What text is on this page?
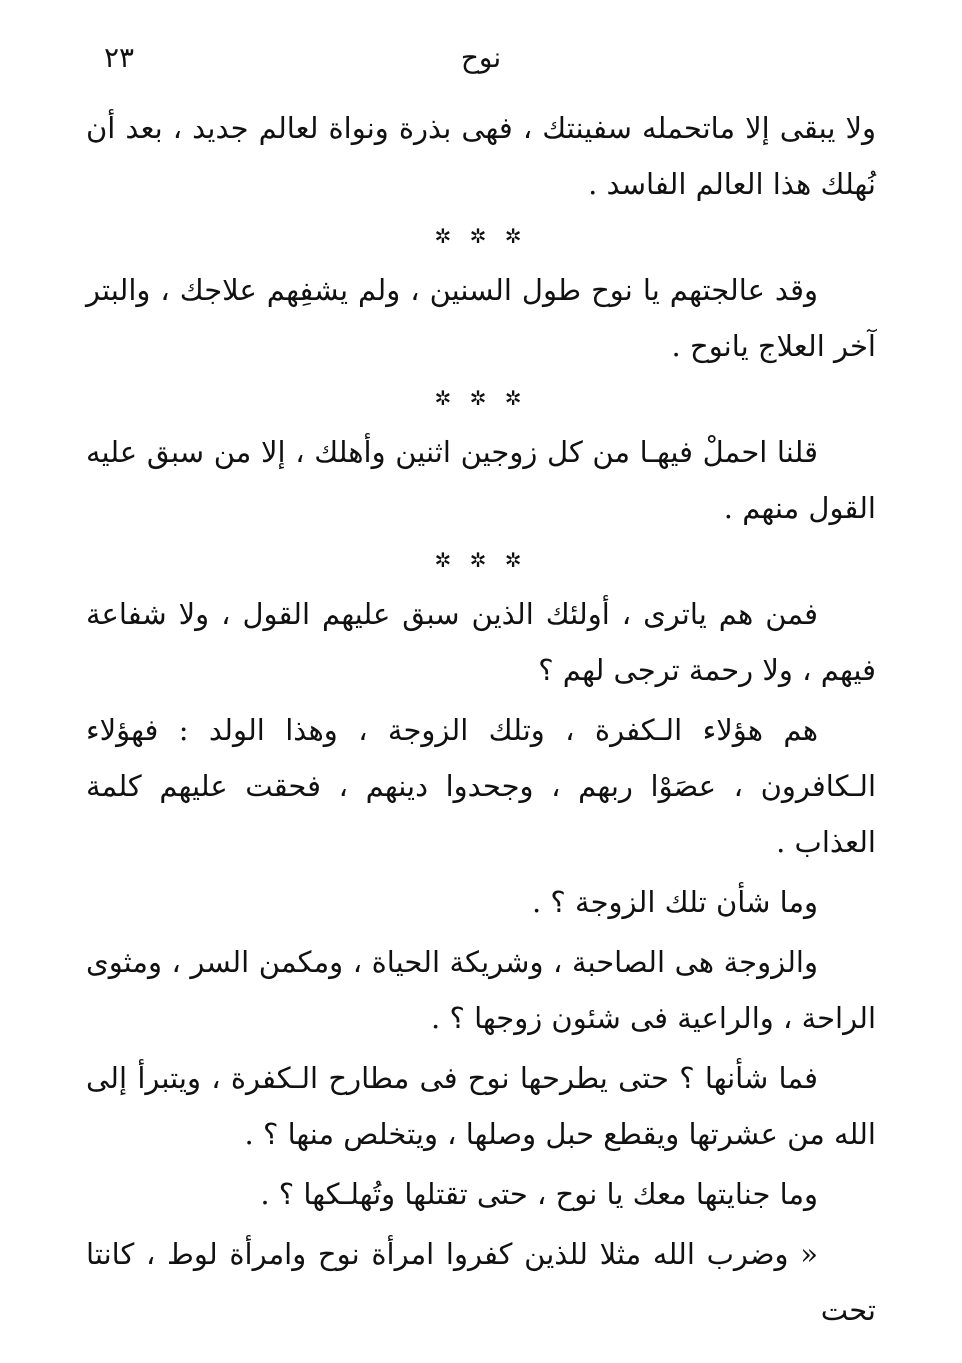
٢٣	نوح

ولا يبقى إلا ماتحمله سفينتك ، فهى بذرة ونواة لعالم جديد ، بعد أن نُهلك هذا العالم الفاسد .

✲ ✲ ✲

وقد عالجتهم يا نوح طول السنين ، ولم يشفِهم علاجك ، والبتر آخر العلاج يانوح .

✲ ✲ ✲

قلنا احملْ فيهـا من كل زوجين اثنين وأهلك ، إلا من سبق عليه القول منهم .

✲ ✲ ✲

فمن هم ياترى ، أولئك الذين سبق عليهم القول ، ولا شفاعة فيهم ، ولا رحمة ترجى لهم ؟

هم هؤلاء الـكفرة ، وتلك الزوجة ، وهذا الولد : فهؤلاء الـكافرون ، عصَوْا ربهم ، وجحدوا دينهم ، فحقت عليهم كلمة العذاب .

وما شأن تلك الزوجة ؟ .

والزوجة هى الصاحبة ، وشريكة الحياة ، ومكمن السر ، ومثوى الراحة ، والراعية فى شئون زوجها ؟ .

فما شأنها ؟ حتى يطرحها نوح فى مطارح الـكفرة ، ويتبرأ إلى الله من عشرتها ويقطع حبل وصلها ، ويتخلص منها ؟ .

وما جنايتها معك يا نوح ، حتى تقتلها وتُهلـكها ؟ .

« وضرب الله مثلا للذين كفروا امرأة نوح وامرأة لوط ، كانتا تحت
